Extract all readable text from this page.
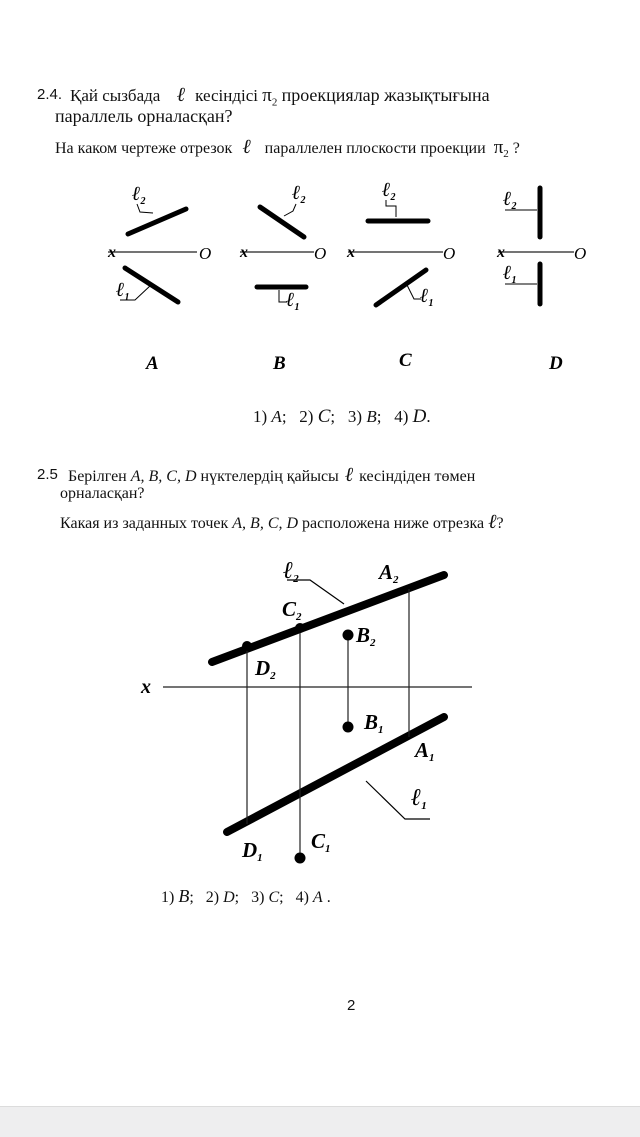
2.4. Қай сызбада ℓ кесіндісі $\pi_2$ проекциялар жазықтығына
параллель орналасқан?
На каком чертеже отрезок ℓ параллелен плоскости проекции $\pi_2$ ?
x	O
ℓ$_2$
ℓ$_1$
x	O
ℓ$_2$
ℓ$_1$
x	O
ℓ$_2$
ℓ$_1$
x	O
ℓ$_2$
ℓ$_1$
A	B	C	D
1) A; 2) C; 3) B; 4) D.
2.5 Берілген A, B, C, D нүктелердің қайысы ℓ кесіндіден төмен
орналасқан?
Какая из заданных точек A, B, C, D расположена ниже отрезка ℓ?
x
ℓ2	A2
C2
B2
D2
B1
A1
ℓ1
D1
C1
1) B; 2) D; 3) C; 4) A .
2
